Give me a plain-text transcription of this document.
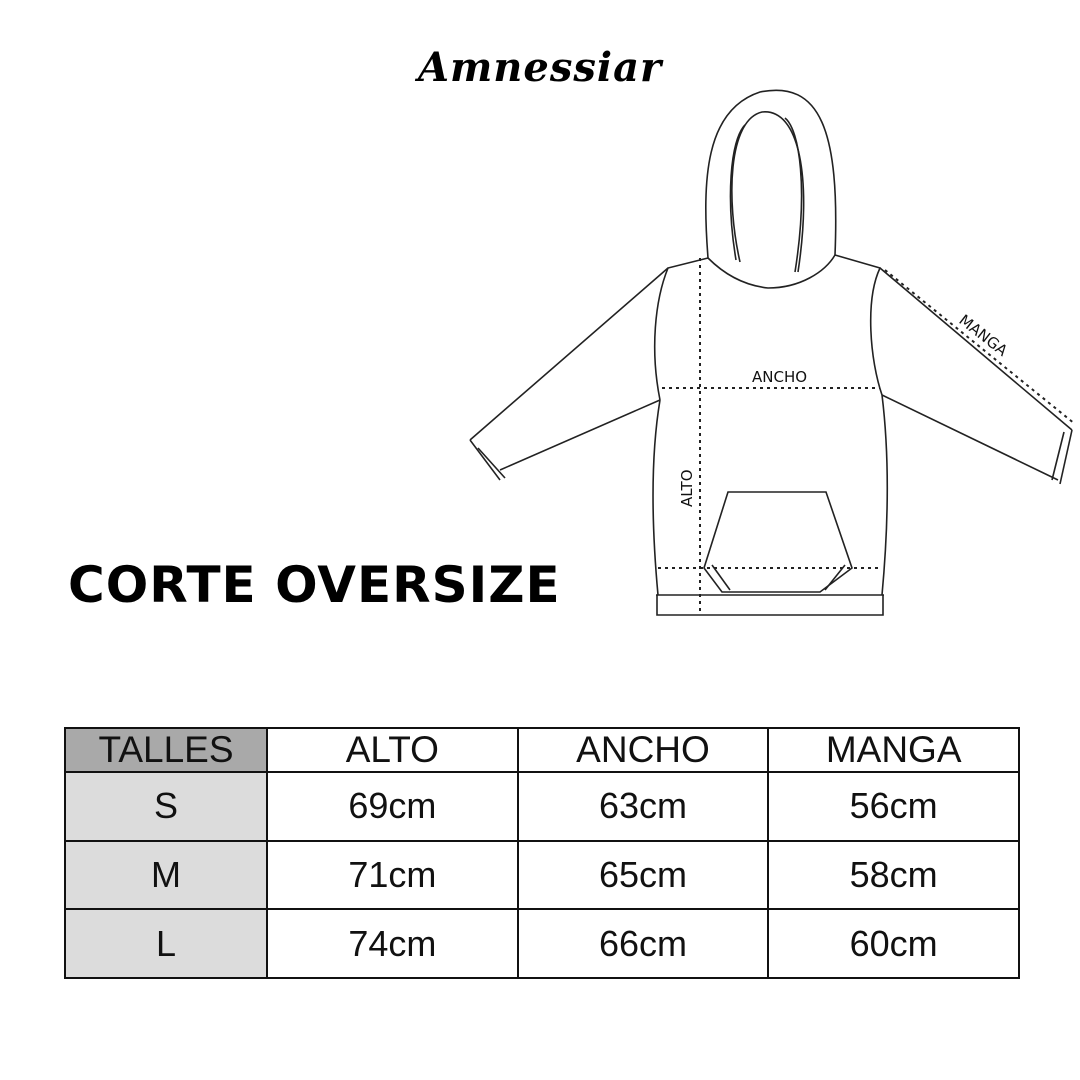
Amnessiar
ANCHO
ALTO
MANGA
CORTE OVERSIZE
TALLES	ALTO	ANCHO	MANGA
S	69cm	63cm	56cm
M	71cm	65cm	58cm
L	74cm	66cm	60cm
